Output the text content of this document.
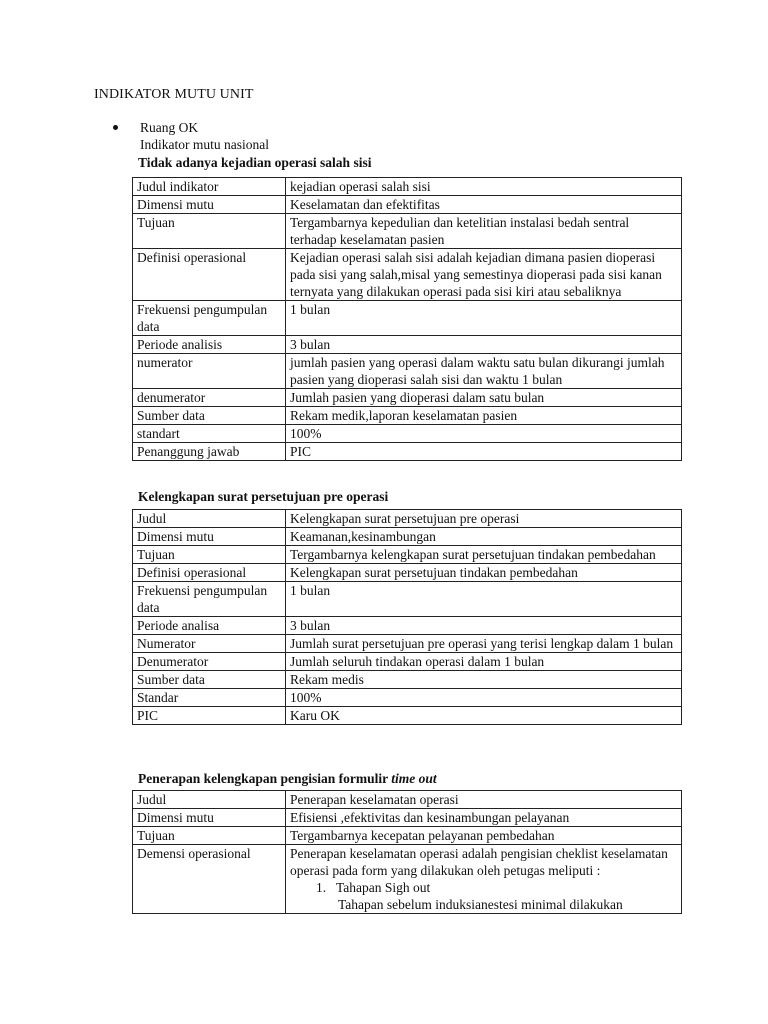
INDIKATOR MUTU UNIT
Ruang OK
Indikator mutu nasional
Tidak adanya kejadian operasi salah sisi
Judul indikator	kejadian operasi salah sisi
Dimensi mutu	Keselamatan dan efektifitas
Tujuan	Tergambarnya kepedulian dan ketelitian instalasi bedah sentral terhadap keselamatan pasien
Definisi operasional	Kejadian operasi salah sisi adalah kejadian dimana pasien dioperasi pada sisi yang salah,misal yang semestinya dioperasi pada sisi kanan ternyata yang dilakukan operasi pada sisi kiri atau sebaliknya
Frekuensi pengumpulan data	1 bulan
Periode analisis	3 bulan
numerator	jumlah pasien yang operasi dalam waktu satu bulan dikurangi jumlah pasien yang dioperasi salah sisi dan waktu 1 bulan
denumerator	Jumlah pasien yang dioperasi dalam satu bulan
Sumber data	Rekam medik,laporan keselamatan pasien
standart	100%
Penanggung jawab	PIC
Kelengkapan surat persetujuan pre operasi
Judul	Kelengkapan surat persetujuan pre operasi
Dimensi mutu	Keamanan,kesinambungan
Tujuan	Tergambarnya kelengkapan surat persetujuan tindakan pembedahan
Definisi operasional	Kelengkapan surat persetujuan tindakan pembedahan
Frekuensi pengumpulan data	1 bulan
Periode analisa	3 bulan
Numerator	Jumlah surat persetujuan pre operasi yang terisi lengkap dalam 1 bulan
Denumerator	Jumlah seluruh tindakan operasi dalam 1 bulan
Sumber data	Rekam medis
Standar	100%
PIC	Karu OK
Penerapan kelengkapan pengisian formulir time out
Judul	Penerapan keselamatan operasi
Dimensi mutu	Efisiensi ,efektivitas dan kesinambungan pelayanan
Tujuan	Tergambarnya kecepatan pelayanan pembedahan
Demensi operasional	Penerapan keselamatan operasi adalah pengisian cheklist keselamatan operasi pada form yang dilakukan oleh petugas meliputi :
1.   Tahapan Sigh out
Tahapan sebelum induksianestesi minimal dilakukan
